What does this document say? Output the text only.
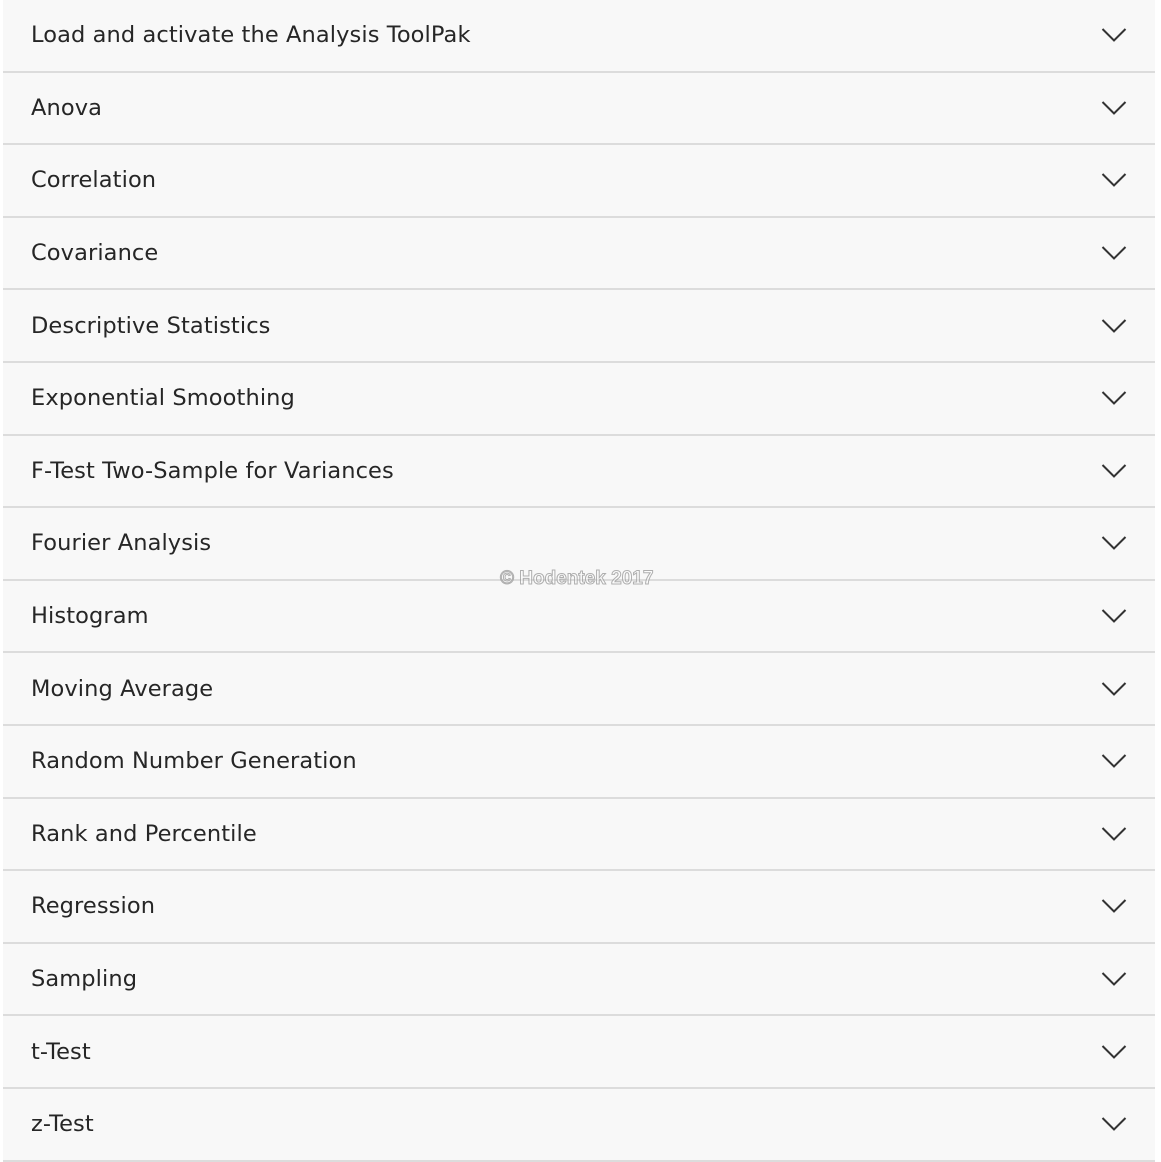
Load and activate the Analysis ToolPak
Anova
Correlation
Covariance
Descriptive Statistics
Exponential Smoothing
F-Test Two-Sample for Variances
Fourier Analysis
Histogram
Moving Average
Random Number Generation
Rank and Percentile
Regression
Sampling
t-Test
z-Test
© Hodentek 2017
